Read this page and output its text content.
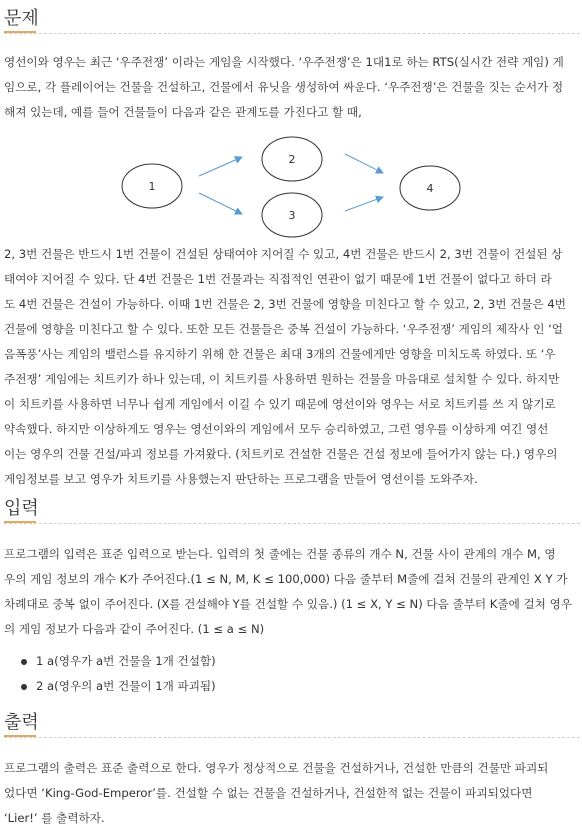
문제
영선이와 영우는 최근 ‘우주전쟁’ 이라는 게임을 시작했다. ‘우주전쟁’은 1대1로 하는 RTS(실시간 전략 게임) 게
임으로, 각 플레이어는 건물을 건설하고, 건물에서 유닛을 생성하여 싸운다. ‘우주전쟁’은 건물을 짓는 순서가 정
해져 있는데, 예를 들어 건물들이 다음과 같은 관계도를 가진다고 할 때,
1
2
3
4
2, 3번 건물은 반드시 1번 건물이 건설된 상태여야 지어질 수 있고, 4번 건물은 반드시 2, 3번 건물이 건설된 상
태여야 지어질 수 있다. 단 4번 건물은 1번 건물과는 직접적인 연관이 없기 때문에 1번 건물이 없다고 하더 라
도 4번 건물은 건설이 가능하다. 이때 1번 건물은 2, 3번 건물에 영향을 미친다고 할 수 있고, 2, 3번 건물은 4번
건물에 영향을 미친다고 할 수 있다. 또한 모든 건물들은 중복 건설이 가능하다. ‘우주전쟁’ 게임의 제작사 인 ‘얼
음폭풍’사는 게임의 밸런스를 유지하기 위해 한 건물은 최대 3개의 건물에게만 영향을 미치도록 하였다. 또 ‘우
주전쟁’ 게임에는 치트키가 하나 있는데, 이 치트키를 사용하면 원하는 건물을 마음대로 설치할 수 있다. 하지만
이 치트키를 사용하면 너무나 쉽게 게임에서 이길 수 있기 때문에 영선이와 영우는 서로 치트키를 쓰 지 않기로
약속했다. 하지만 이상하게도 영우는 영선이와의 게임에서 모두 승리하였고, 그런 영우를 이상하게 여긴 영선
이는 영우의 건물 건설/파괴 정보를 가져왔다. (치트키로 건설한 건물은 건설 정보에 들어가지 않는 다.) 영우의
게임정보를 보고 영우가 치트키를 사용했는지 판단하는 프로그램을 만들어 영선이를 도와주자.
입력
프로그램의 입력은 표준 입력으로 받는다. 입력의 첫 줄에는 건물 종류의 개수 N, 건물 사이 관계의 개수 M, 영
우의 게임 정보의 개수 K가 주어진다.(1 ≤ N, M, K ≤ 100,000) 다음 줄부터 M줄에 걸쳐 건물의 관계인 X Y 가
차례대로 중복 없이 주어진다. (X를 건설해야 Y를 건설할 수 있음.) (1 ≤ X, Y ≤ N) 다음 줄부터 K줄에 걸쳐 영우
의 게임 정보가 다음과 같이 주어진다. (1 ≤ a ≤ N)
1 a(영우가 a번 건물을 1개 건설함)
2 a(영우의 a번 건물이 1개 파괴됨)
출력
프로그램의 출력은 표준 출력으로 한다. 영우가 정상적으로 건물을 건설하거나, 건설한 만큼의 건물만 파괴되
었다면 ‘King-God-Emperor’를. 건설할 수 없는 건물을 건설하거나, 건설한적 없는 건물이 파괴되었다면
‘Lier!’ 를 출력하자.
